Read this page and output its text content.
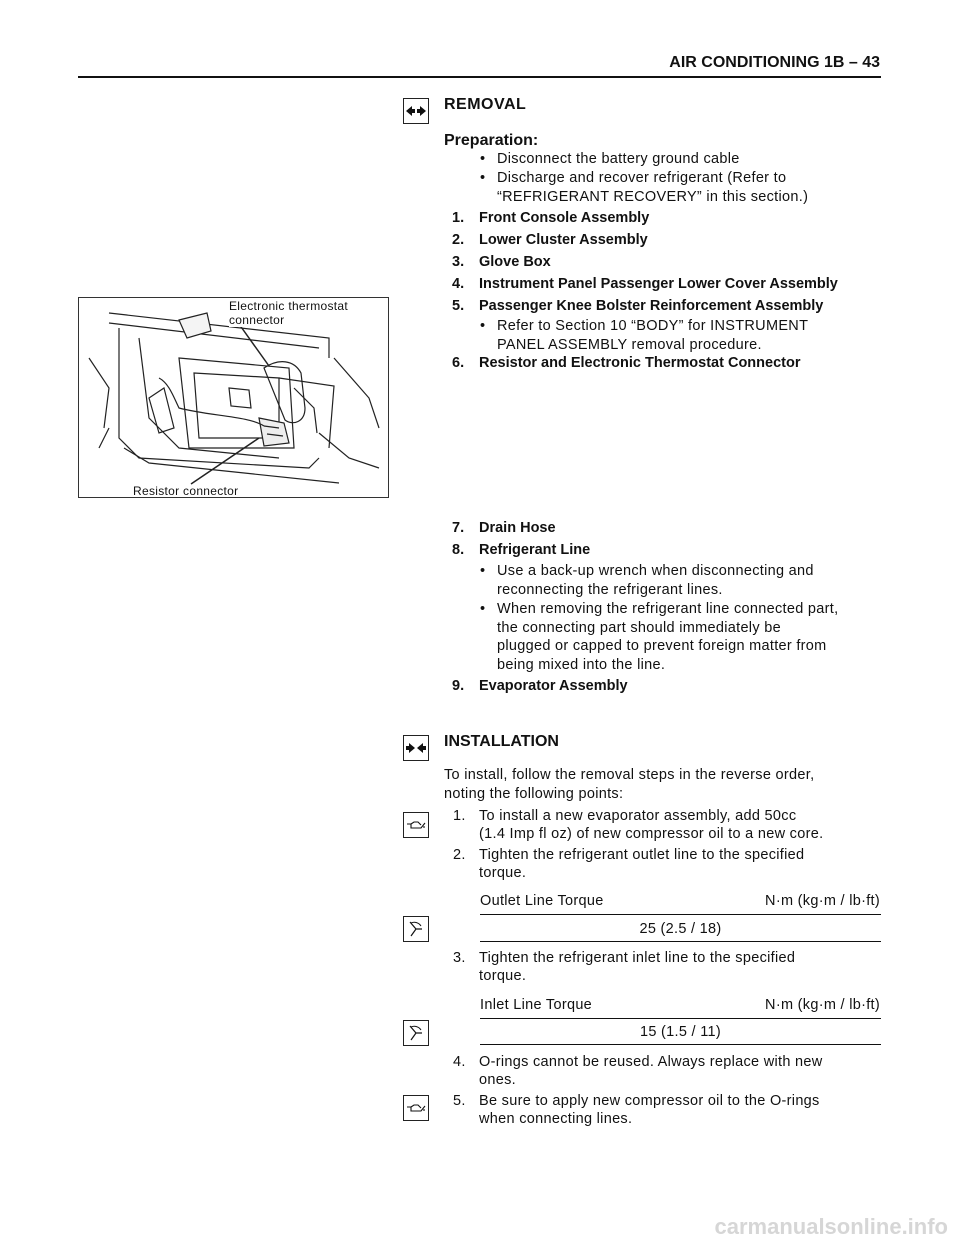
AIR CONDITIONING 1B – 43
REMOVAL
Preparation:
• Disconnect the battery ground cable
• Discharge and recover refrigerant (Refer to
“REFRIGERANT RECOVERY” in this section.)
1. Front Console Assembly
2. Lower Cluster Assembly
3. Glove Box
4. Instrument Panel Passenger Lower Cover Assembly
5. Passenger Knee Bolster Reinforcement Assembly
• Refer to Section 10 “BODY” for INSTRUMENT
PANEL ASSEMBLY removal procedure.
6. Resistor and Electronic Thermostat Connector
Electronic thermostat
connector
Resistor connector
7. Drain Hose
8. Refrigerant Line
• Use a back-up wrench when disconnecting and
reconnecting the refrigerant lines.
• When removing the refrigerant line connected part,
the connecting part should immediately be
plugged or capped to prevent foreign matter from
being mixed into the line.
9. Evaporator Assembly
INSTALLATION
To install, follow the removal steps in the reverse order,
noting the following points:
1. To install a new evaporator assembly, add 50cc
(1.4 Imp fl oz) of new compressor oil to a new core.
2. Tighten the refrigerant outlet line to the specified
torque.
Outlet Line Torque	N·m (kg·m / lb·ft)
25 (2.5 / 18)
3. Tighten the refrigerant inlet line to the specified
torque.
Inlet Line Torque	N·m (kg·m / lb·ft)
15 (1.5 / 11)
4. O-rings cannot be reused. Always replace with new
ones.
5. Be sure to apply new compressor oil to the O-rings
when connecting lines.
carmanualsonline.info
